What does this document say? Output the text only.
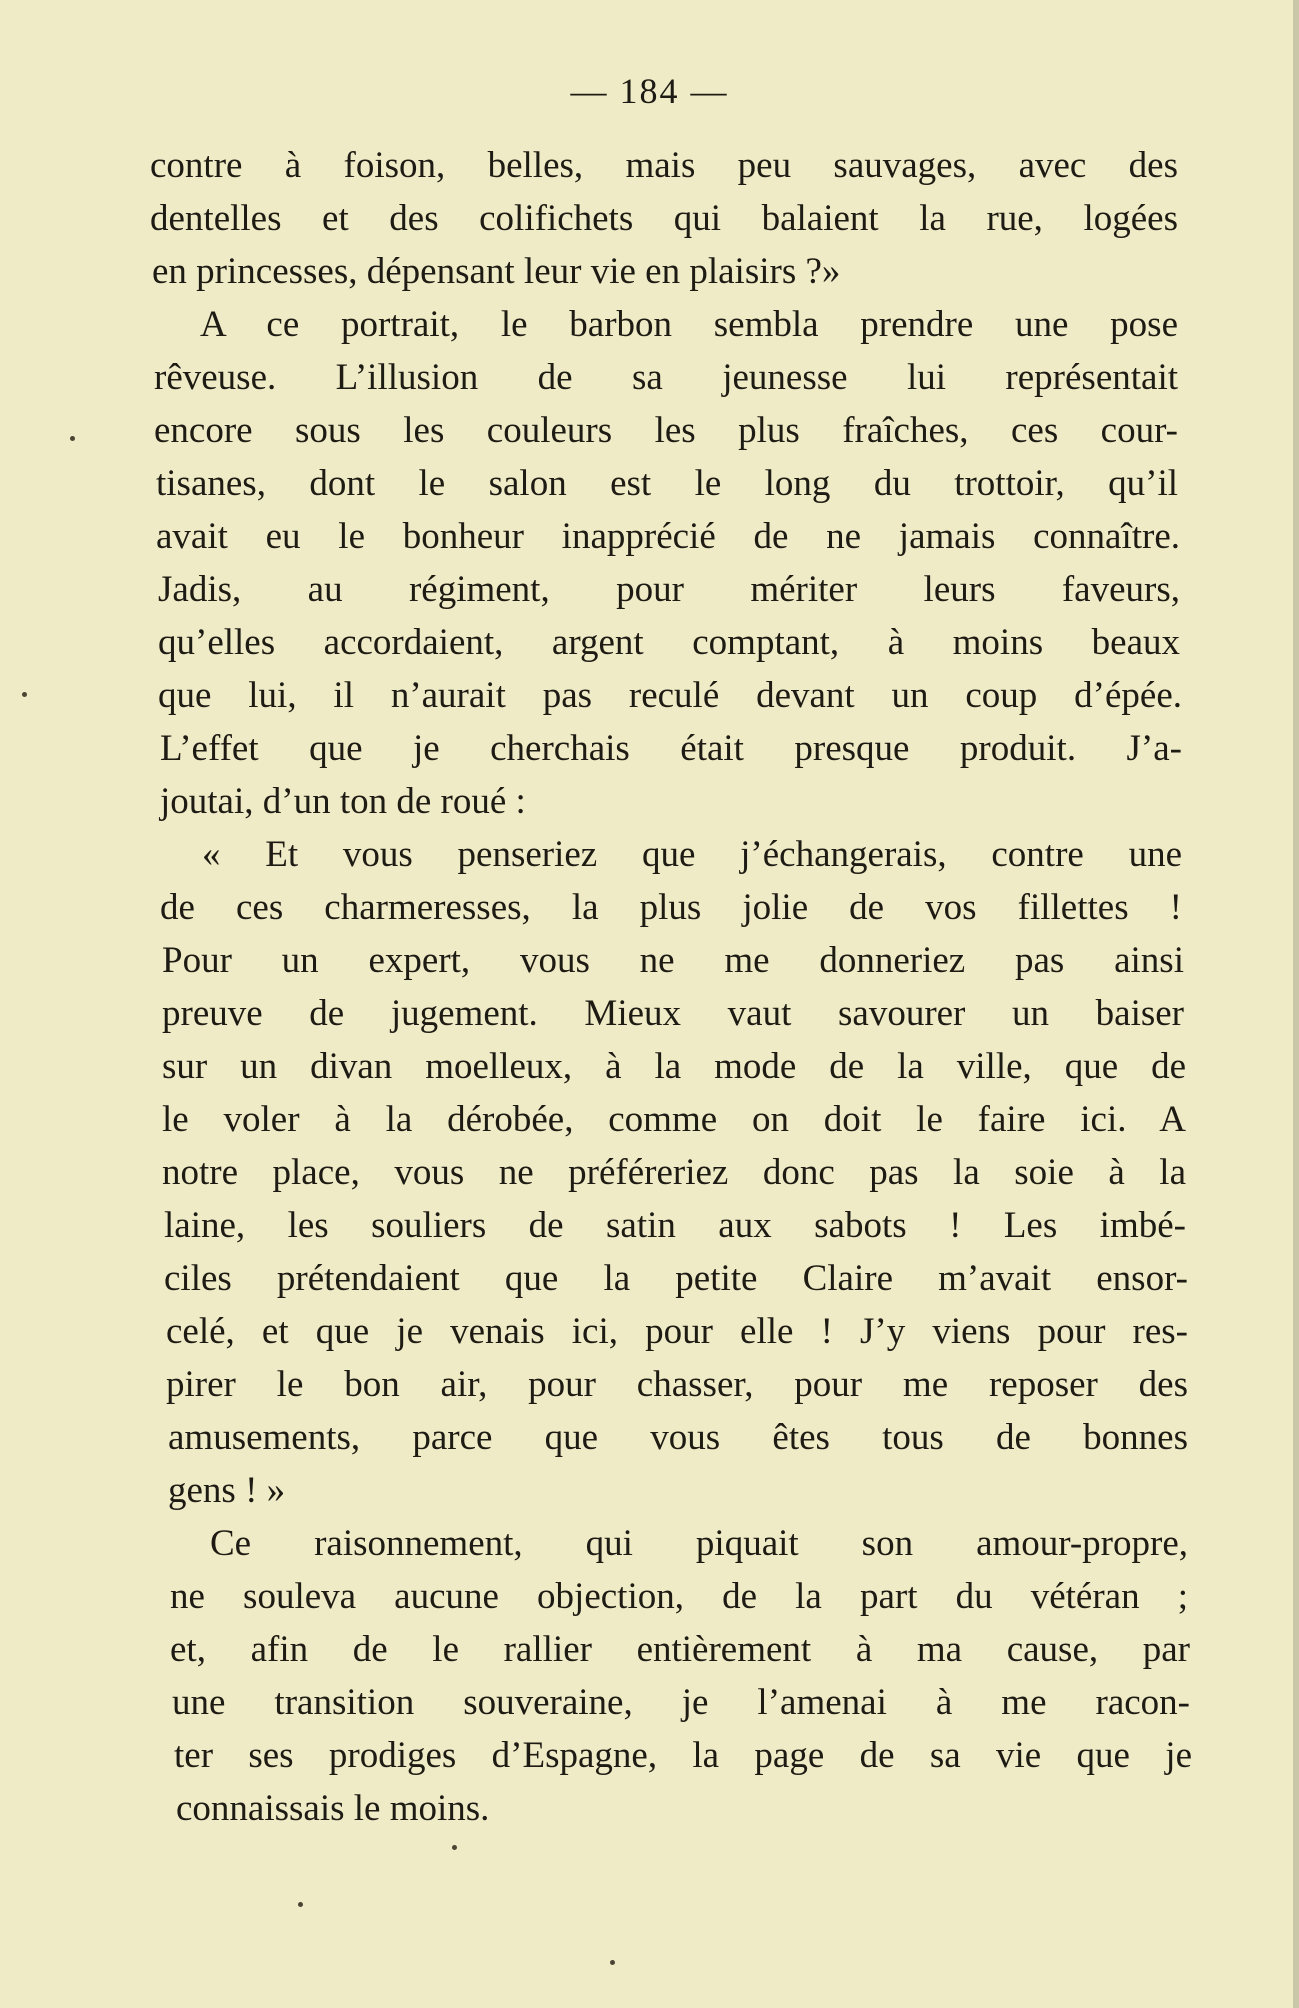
— 184 —
contre à foison, belles, mais peu sauvages, avec des
dentelles et des colifichets qui balaient la rue, logées
en princesses, dépensant leur vie en plaisirs ?»
A ce portrait, le barbon sembla prendre une pose
rêveuse. L’illusion de sa jeunesse lui représentait
encore sous les couleurs les plus fraîches, ces cour-
tisanes, dont le salon est le long du trottoir, qu’il
avait eu le bonheur inapprécié de ne jamais connaître.
Jadis, au régiment, pour mériter leurs faveurs,
qu’elles accordaient, argent comptant, à moins beaux
que lui, il n’aurait pas reculé devant un coup d’épée.
L’effet que je cherchais était presque produit. J’a-
joutai, d’un ton de roué :
« Et vous penseriez que j’échangerais, contre une
de ces charmeresses, la plus jolie de vos fillettes !
Pour un expert, vous ne me donneriez pas ainsi
preuve de jugement. Mieux vaut savourer un baiser
sur un divan moelleux, à la mode de la ville, que de
le voler à la dérobée, comme on doit le faire ici. A
notre place, vous ne préféreriez donc pas la soie à la
laine, les souliers de satin aux sabots ! Les imbé-
ciles prétendaient que la petite Claire m’avait ensor-
celé, et que je venais ici, pour elle ! J’y viens pour res-
pirer le bon air, pour chasser, pour me reposer des
amusements, parce que vous êtes tous de bonnes
gens ! »
Ce raisonnement, qui piquait son amour-propre,
ne souleva aucune objection, de la part du vétéran ;
et, afin de le rallier entièrement à ma cause, par
une transition souveraine, je l’amenai à me racon-
ter ses prodiges d’Espagne, la page de sa vie que je
connaissais le moins.
